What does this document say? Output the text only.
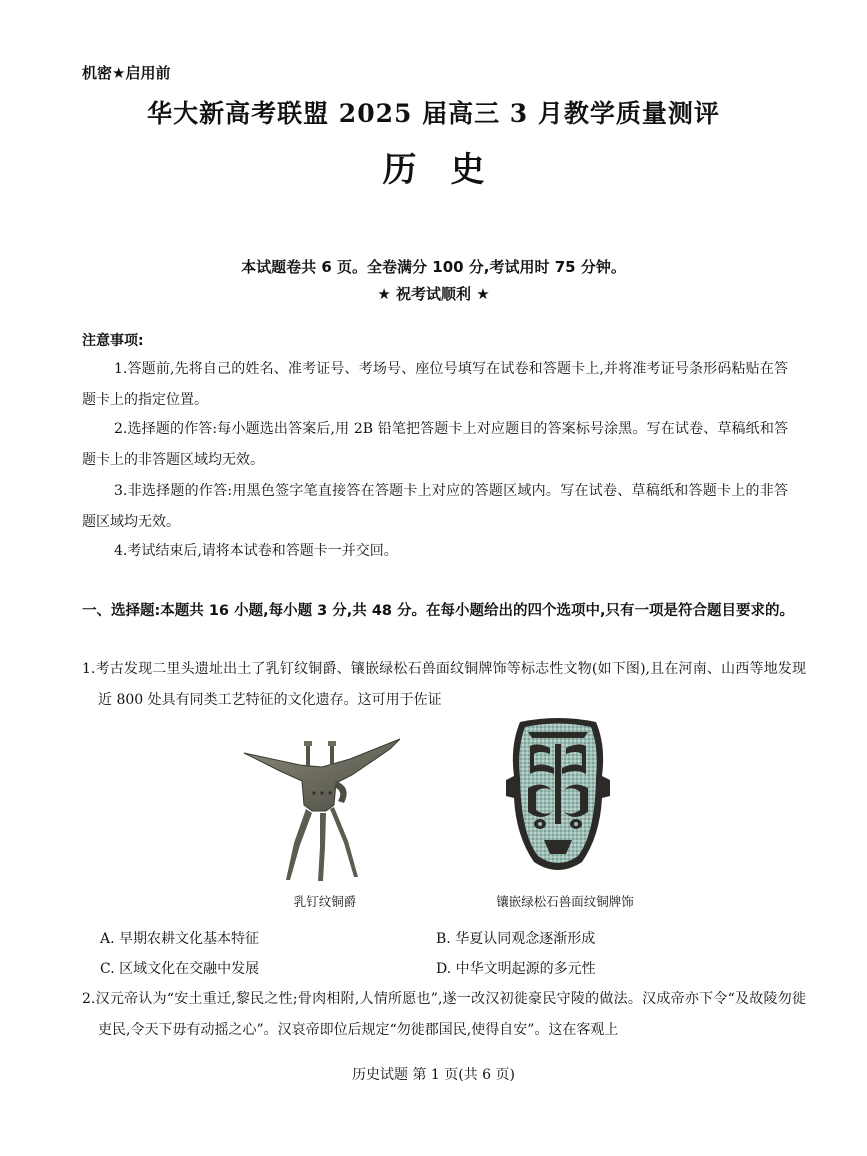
机密★启用前
华大新高考联盟 2025 届高三 3 月教学质量测评
历史
本试题卷共 6 页。全卷满分 100 分,考试用时 75 分钟。
★ 祝考试顺利 ★
注意事项:
1.答题前,先将自己的姓名、准考证号、考场号、座位号填写在试卷和答题卡上,并将准考证号条形码粘贴在答题卡上的指定位置。
2.选择题的作答:每小题选出答案后,用 2B 铅笔把答题卡上对应题目的答案标号涂黑。写在试卷、草稿纸和答题卡上的非答题区域均无效。
3.非选择题的作答:用黑色签字笔直接答在答题卡上对应的答题区域内。写在试卷、草稿纸和答题卡上的非答题区域均无效。
4.考试结束后,请将本试卷和答题卡一并交回。
一、选择题:本题共 16 小题,每小题 3 分,共 48 分。在每小题给出的四个选项中,只有一项是符合题目要求的。
1.考古发现二里头遗址出土了乳钉纹铜爵、镶嵌绿松石兽面纹铜牌饰等标志性文物(如下图),且在河南、山西等地发现近 800 处具有同类工艺特征的文化遗存。这可用于佐证
乳钉纹铜爵	镶嵌绿松石兽面纹铜牌饰
A. 早期农耕文化基本特征	B. 华夏认同观念逐渐形成
C. 区域文化在交融中发展	D. 中华文明起源的多元性
2.汉元帝认为“安土重迁,黎民之性;骨肉相附,人情所愿也”,遂一改汉初徙豪民守陵的做法。汉成帝亦下令“及故陵勿徙吏民,令天下毋有动摇之心”。汉哀帝即位后规定“勿徙郡国民,使得自安”。这在客观上
历史试题 第 1 页(共 6 页)
